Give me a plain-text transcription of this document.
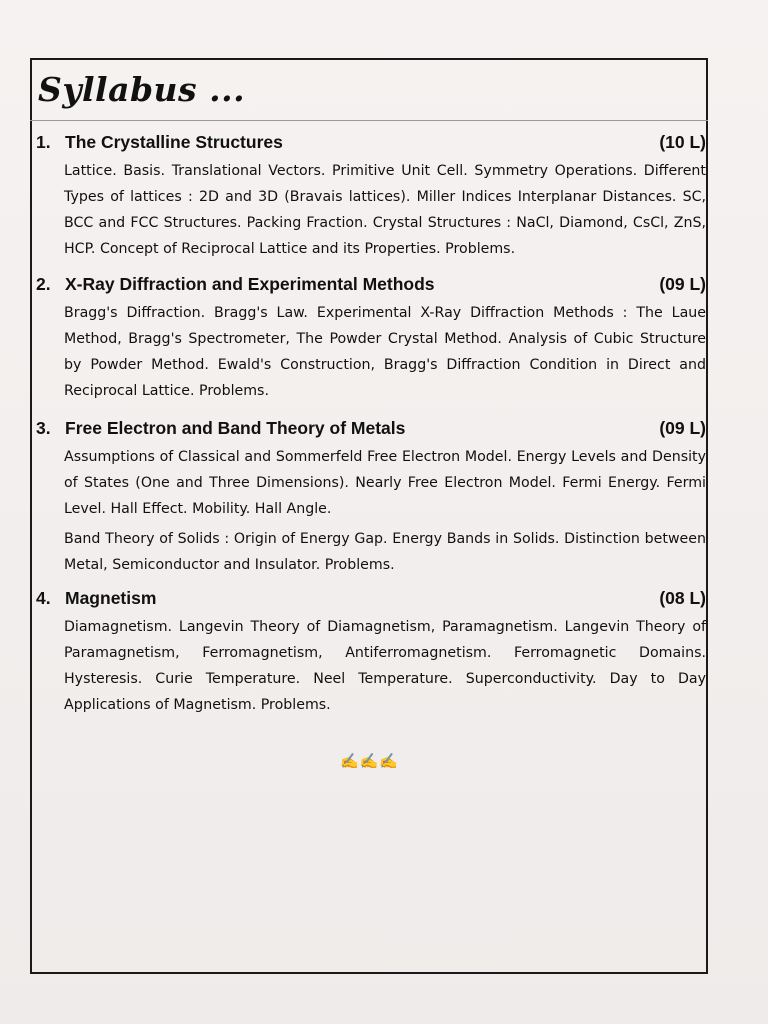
Syllabus ...
1. The Crystalline Structures	(10 L)

Lattice. Basis. Translational Vectors. Primitive Unit Cell. Symmetry Operations. Different Types of lattices : 2D and 3D (Bravais lattices). Miller Indices Interplanar Distances. SC, BCC and FCC Structures. Packing Fraction. Crystal Structures : NaCl, Diamond, CsCl, ZnS, HCP. Concept of Reciprocal Lattice and its Properties. Problems.

2. X-Ray Diffraction and Experimental Methods	(09 L)

Bragg's Diffraction. Bragg's Law. Experimental X-Ray Diffraction Methods : The Laue Method, Bragg's Spectrometer, The Powder Crystal Method. Analysis of Cubic Structure by Powder Method. Ewald's Construction, Bragg's Diffraction Condition in Direct and Reciprocal Lattice. Problems.

3. Free Electron and Band Theory of Metals	(09 L)

Assumptions of Classical and Sommerfeld Free Electron Model. Energy Levels and Density of States (One and Three Dimensions). Nearly Free Electron Model. Fermi Energy. Fermi Level. Hall Effect. Mobility. Hall Angle.

Band Theory of Solids : Origin of Energy Gap. Energy Bands in Solids. Distinction between Metal, Semiconductor and Insulator. Problems.

4. Magnetism	(08 L)

Diamagnetism. Langevin Theory of Diamagnetism, Paramagnetism. Langevin Theory of Paramagnetism, Ferromagnetism, Antiferromagnetism. Ferromagnetic Domains. Hysteresis. Curie Temperature. Neel Temperature. Superconductivity. Day to Day Applications of Magnetism. Problems.

✍✍✍
